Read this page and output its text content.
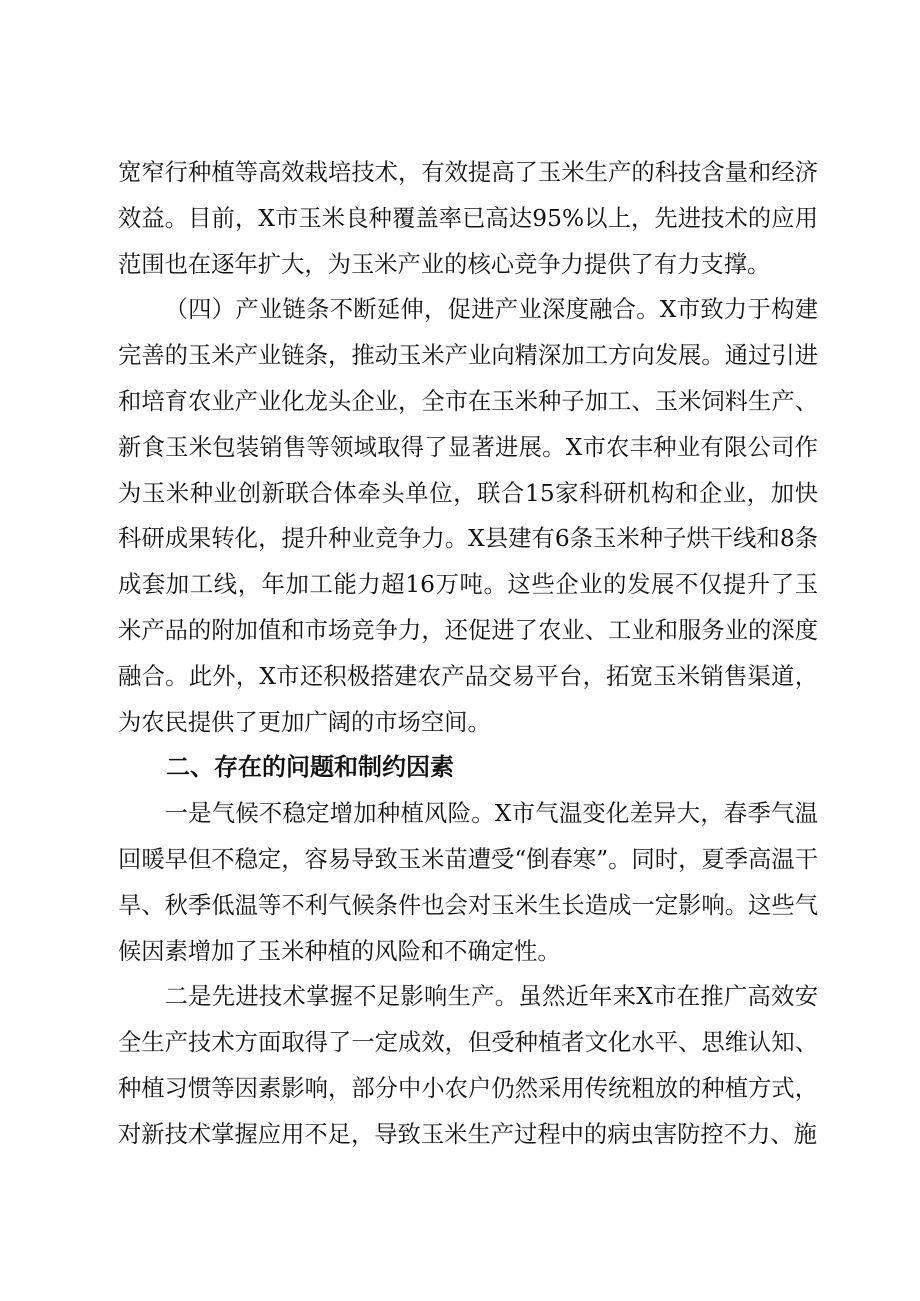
宽窄行种植等高效栽培技术，有效提高了玉米生产的科技含量和经济效益。目前，X市玉米良种覆盖率已高达95%以上，先进技术的应用范围也在逐年扩大，为玉米产业的核心竞争力提供了有力支撑。

（四）产业链条不断延伸，促进产业深度融合。X市致力于构建完善的玉米产业链条，推动玉米产业向精深加工方向发展。通过引进和培育农业产业化龙头企业，全市在玉米种子加工、玉米饲料生产、新食玉米包装销售等领域取得了显著进展。X市农丰种业有限公司作为玉米种业创新联合体牵头单位，联合15家科研机构和企业，加快科研成果转化，提升种业竞争力。X县建有6条玉米种子烘干线和8条成套加工线，年加工能力超16万吨。这些企业的发展不仅提升了玉米产品的附加值和市场竞争力，还促进了农业、工业和服务业的深度融合。此外，X市还积极搭建农产品交易平台，拓宽玉米销售渠道，为农民提供了更加广阔的市场空间。

二、存在的问题和制约因素

一是气候不稳定增加种植风险。X市气温变化差异大，春季气温回暖早但不稳定，容易导致玉米苗遭受“倒春寒”。同时，夏季高温干旱、秋季低温等不利气候条件也会对玉米生长造成一定影响。这些气候因素增加了玉米种植的风险和不确定性。

二是先进技术掌握不足影响生产。虽然近年来X市在推广高效安全生产技术方面取得了一定成效，但受种植者文化水平、思维认知、种植习惯等因素影响，部分中小农户仍然采用传统粗放的种植方式，对新技术掌握应用不足，导致玉米生产过程中的病虫害防控不力、施
